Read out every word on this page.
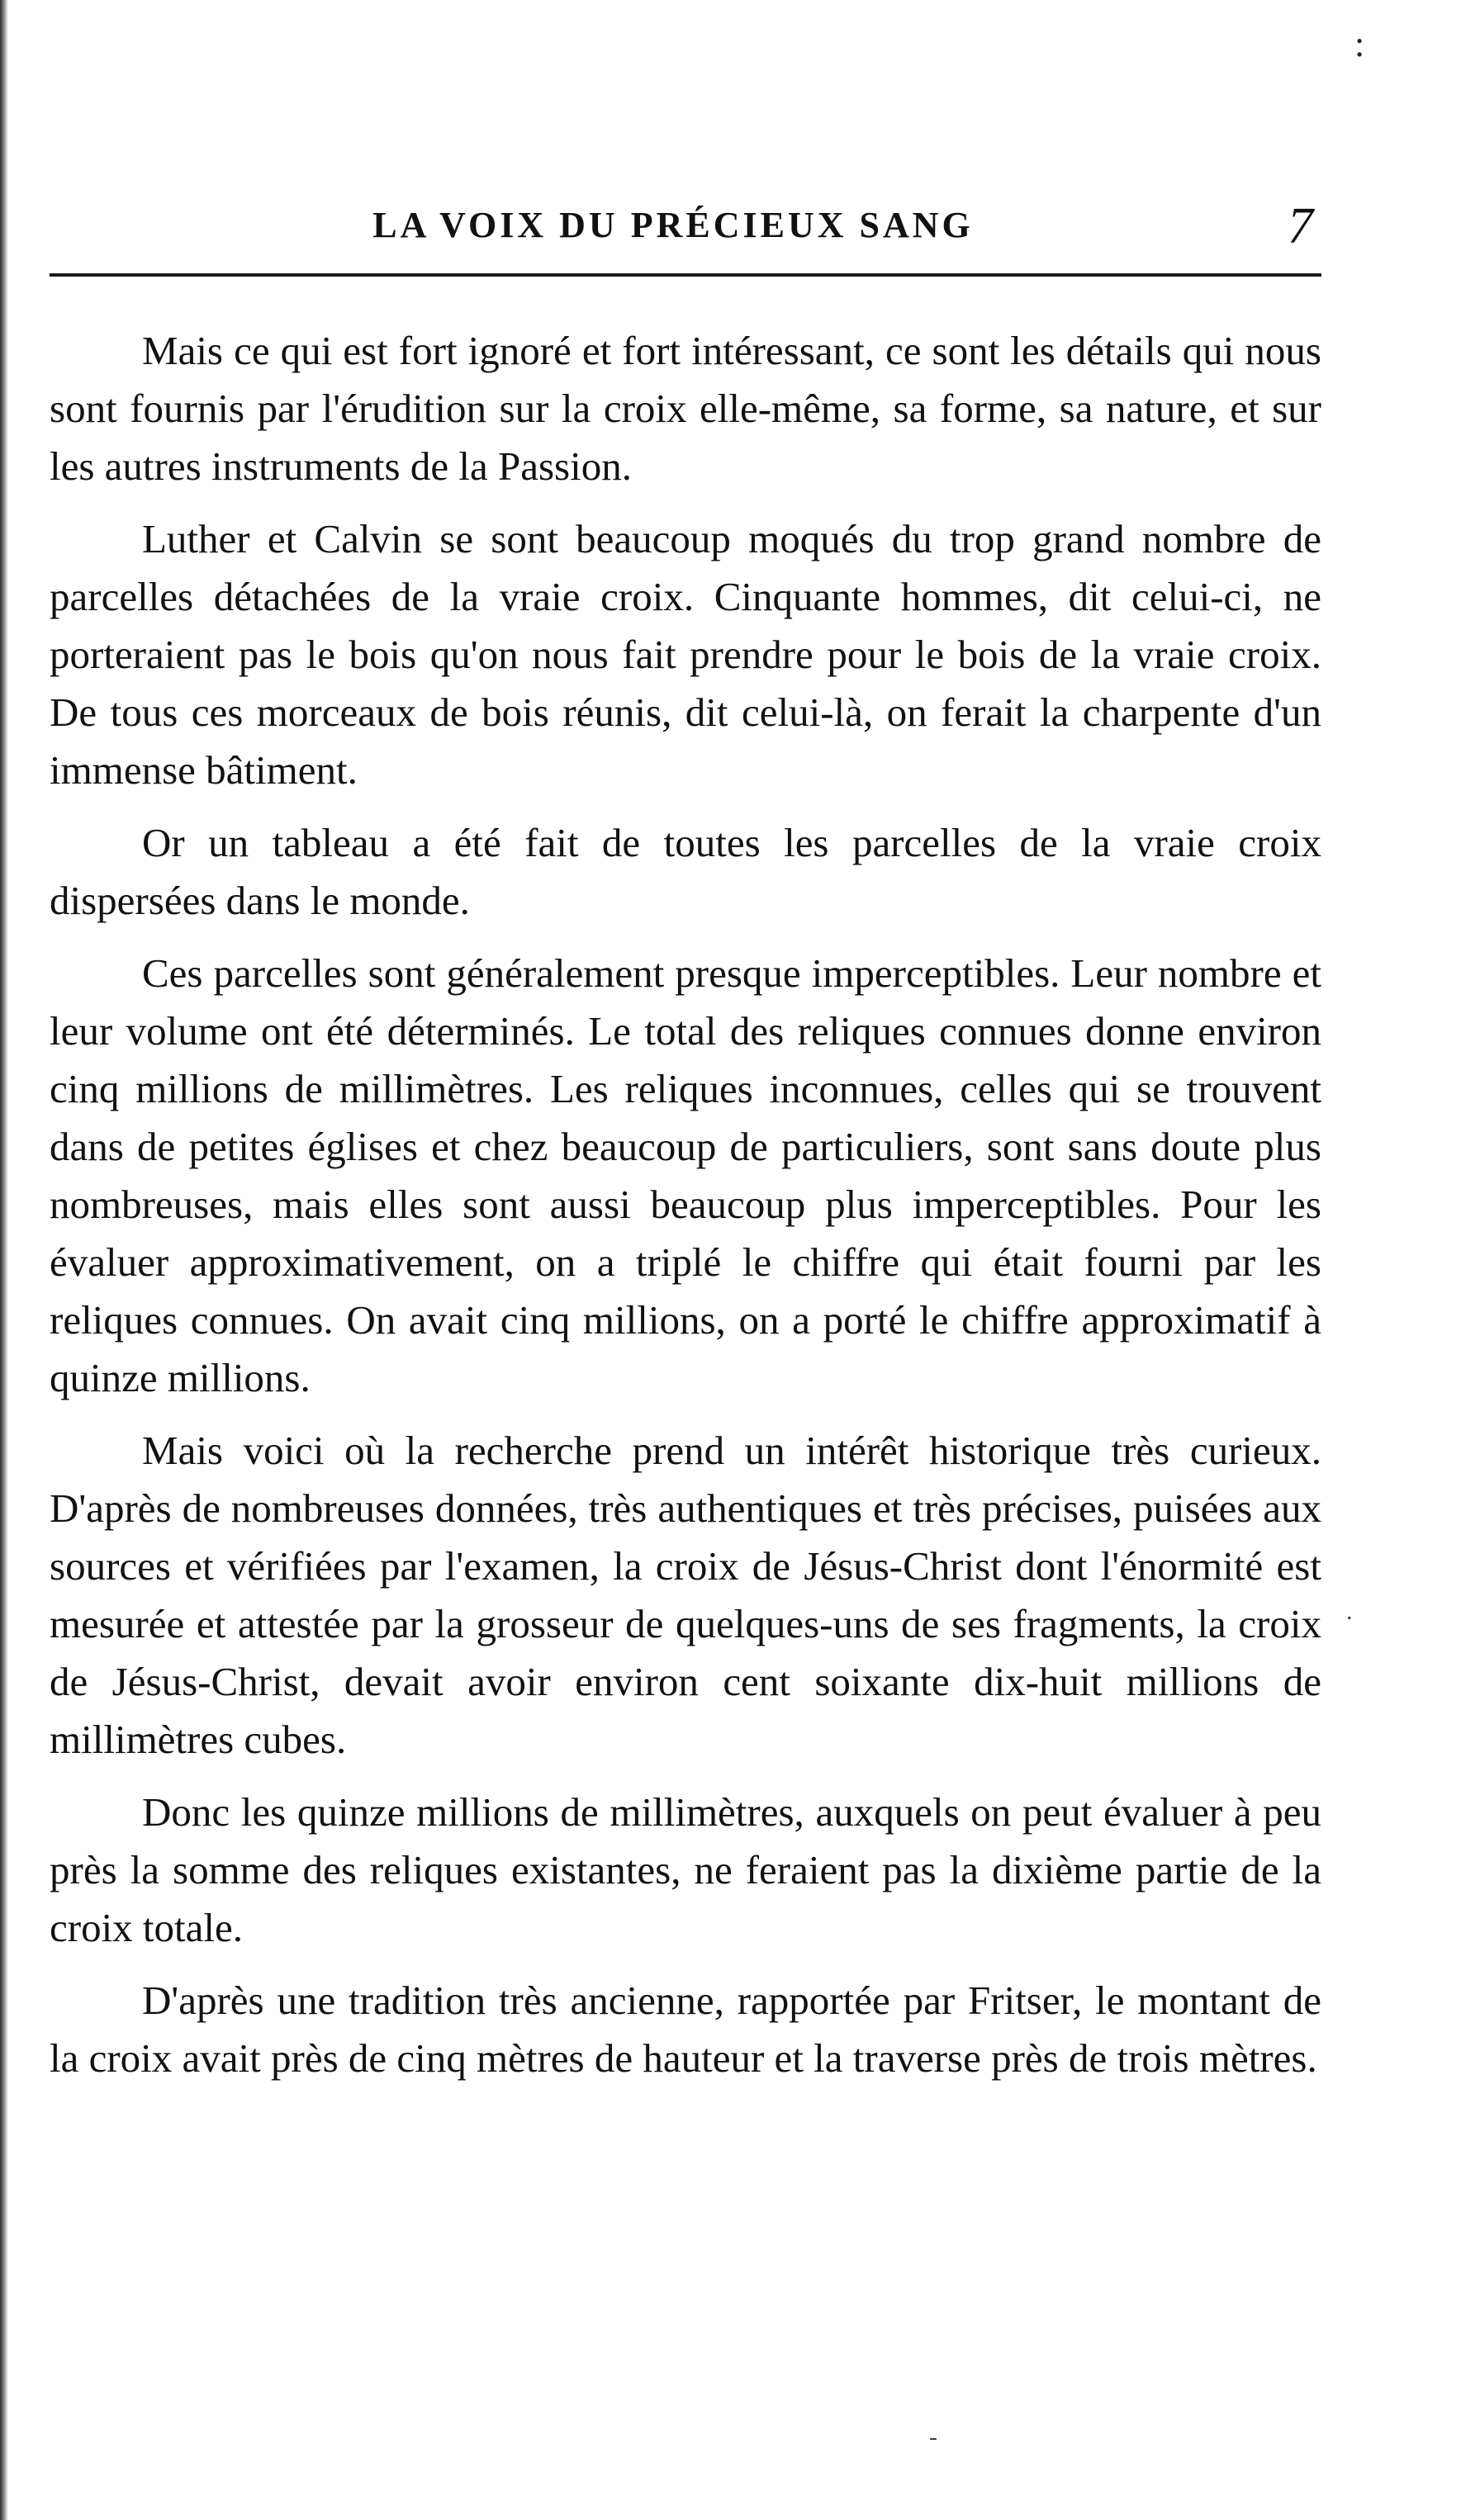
:
LA VOIX DU PRÉCIEUX SANG	7

Mais ce qui est fort ignoré et fort intéressant, ce sont les détails qui nous sont fournis par l'érudition sur la croix elle-même, sa forme, sa nature, et sur les autres instruments de la Passion.

Luther et Calvin se sont beaucoup moqués du trop grand nombre de parcelles détachées de la vraie croix. Cinquante hommes, dit celui-ci, ne porteraient pas le bois qu'on nous fait prendre pour le bois de la vraie croix. De tous ces morceaux de bois réunis, dit celui-là, on ferait la charpente d'un immense bâtiment.

Or un tableau a été fait de toutes les parcelles de la vraie croix dispersées dans le monde.

Ces parcelles sont généralement presque imperceptibles. Leur nombre et leur volume ont été déterminés. Le total des reliques connues donne environ cinq millions de millimètres. Les reliques inconnues, celles qui se trouvent dans de petites églises et chez beaucoup de particuliers, sont sans doute plus nombreuses, mais elles sont aussi beaucoup plus imperceptibles. Pour les évaluer approximativement, on a triplé le chiffre qui était fourni par les reliques connues. On avait cinq millions, on a porté le chiffre approximatif à quinze millions.

Mais voici où la recherche prend un intérêt historique très curieux. D'après de nombreuses données, très authentiques et très précises, puisées aux sources et vérifiées par l'examen, la croix de Jésus-Christ dont l'énormité est mesurée et attestée par la grosseur de quelques-uns de ses fragments, la croix de Jésus-Christ, devait avoir environ cent soixante dix-huit millions de millimètres cubes.

Donc les quinze millions de millimètres, auxquels on peut évaluer à peu près la somme des reliques existantes, ne feraient pas la dixième partie de la croix totale.

D'après une tradition très ancienne, rapportée par Fritser, le montant de la croix avait près de cinq mètres de hauteur et la traverse près de trois mètres.

.
-
